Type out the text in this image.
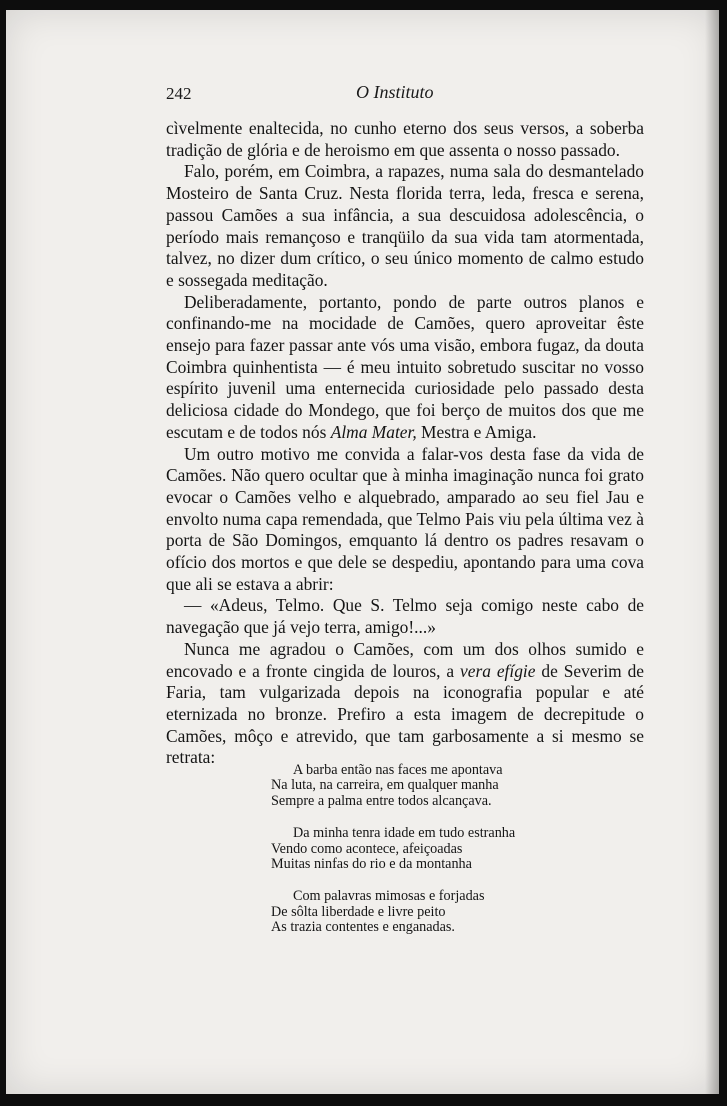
242	O Instituto

cìvelmente enaltecida, no cunho eterno dos seus versos, a soberba tradição de glória e de heroismo em que assenta o nosso passado.

Falo, porém, em Coimbra, a rapazes, numa sala do desmantelado Mosteiro de Santa Cruz. Nesta florida terra, leda, fresca e serena, passou Camões a sua infância, a sua descuidosa adolescência, o período mais remançoso e tranqüilo da sua vida tam atormentada, talvez, no dizer dum crítico, o seu único momento de calmo estudo e sossegada meditação.

Deliberadamente, portanto, pondo de parte outros planos e confinando-me na mocidade de Camões, quero aproveitar êste ensejo para fazer passar ante vós uma visão, embora fugaz, da douta Coimbra quinhentista — é meu intuito sobretudo suscitar no vosso espírito juvenil uma enternecida curiosidade pelo passado desta deliciosa cidade do Mondego, que foi berço de muitos dos que me escutam e de todos nós Alma Mater, Mestra e Amiga.

Um outro motivo me convida a falar-vos desta fase da vida de Camões. Não quero ocultar que à minha imaginação nunca foi grato evocar o Camões velho e alquebrado, amparado ao seu fiel Jau e envolto numa capa remendada, que Telmo Pais viu pela última vez à porta de São Domingos, emquanto lá dentro os padres resavam o ofício dos mortos e que dele se despediu, apontando para uma cova que ali se estava a abrir:

— «Adeus, Telmo. Que S. Telmo seja comigo neste cabo de navegação que já vejo terra, amigo!...»

Nunca me agradou o Camões, com um dos olhos sumido e encovado e a fronte cingida de louros, a vera efígie de Severim de Faria, tam vulgarizada depois na iconografia popular e até eternizada no bronze. Prefiro a esta imagem de decrepitude o Camões, môço e atrevido, que tam garbosamente a si mesmo se retrata:

A barba então nas faces me apontava
Na luta, na carreira, em qualquer manha
Sempre a palma entre todos alcançava.
Da minha tenra idade em tudo estranha
Vendo como acontece, afeiçoadas
Muitas ninfas do rio e da montanha
Com palavras mimosas e forjadas
De sôlta liberdade e livre peito
As trazia contentes e enganadas.
